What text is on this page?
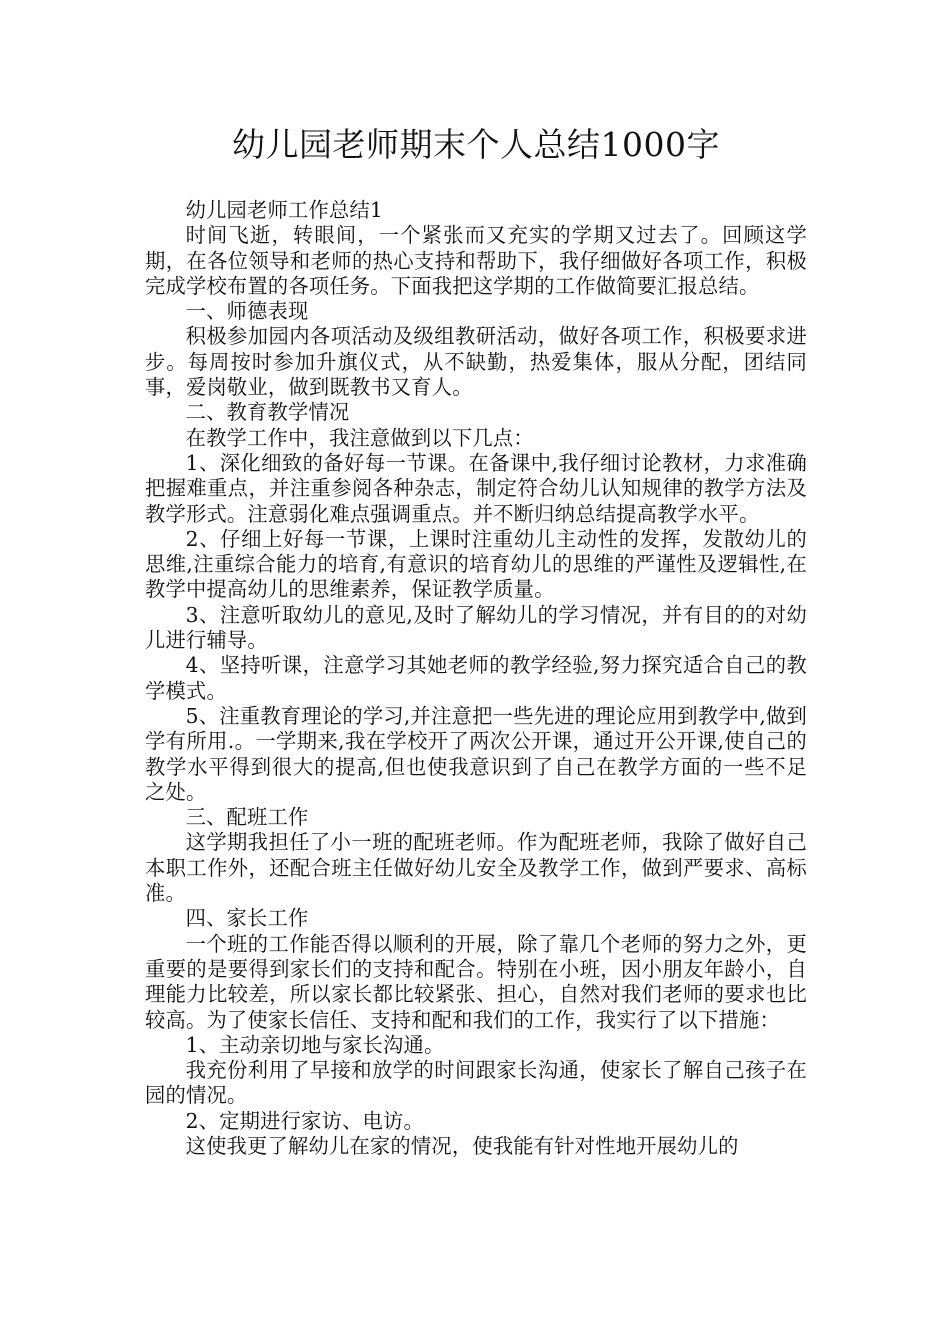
幼儿园老师期末个人总结1000字

幼儿园老师工作总结1

时间飞逝，转眼间，一个紧张而又充实的学期又过去了。回顾这学期，在各位领导和老师的热心支持和帮助下，我仔细做好各项工作，积极完成学校布置的各项任务。下面我把这学期的工作做简要汇报总结。

一、师德表现

积极参加园内各项活动及级组教研活动，做好各项工作，积极要求进步。每周按时参加升旗仪式，从不缺勤，热爱集体，服从分配，团结同事，爱岗敬业，做到既教书又育人。

二、教育教学情况

在教学工作中，我注意做到以下几点：

1、深化细致的备好每一节课。在备课中,我仔细讨论教材，力求准确把握难重点，并注重参阅各种杂志，制定符合幼儿认知规律的教学方法及教学形式。注意弱化难点强调重点。并不断归纳总结提高教学水平。

2、仔细上好每一节课，上课时注重幼儿主动性的发挥，发散幼儿的思维,注重综合能力的培育,有意识的培育幼儿的思维的严谨性及逻辑性,在教学中提高幼儿的思维素养，保证教学质量。

3、注意听取幼儿的意见,及时了解幼儿的学习情况，并有目的的对幼儿进行辅导。

4、坚持听课，注意学习其她老师的教学经验,努力探究适合自己的教学模式。

5、注重教育理论的学习,并注意把一些先进的理论应用到教学中,做到学有所用.。一学期来,我在学校开了两次公开课，通过开公开课,使自己的教学水平得到很大的提高,但也使我意识到了自己在教学方面的一些不足之处。

三、配班工作

这学期我担任了小一班的配班老师。作为配班老师，我除了做好自己本职工作外，还配合班主任做好幼儿安全及教学工作，做到严要求、高标准。

四、家长工作

一个班的工作能否得以顺利的开展，除了靠几个老师的努力之外，更重要的是要得到家长们的支持和配合。特别在小班，因小朋友年龄小，自理能力比较差，所以家长都比较紧张、担心，自然对我们老师的要求也比较高。为了使家长信任、支持和配和我们的工作，我实行了以下措施：

1、主动亲切地与家长沟通。

我充份利用了早接和放学的时间跟家长沟通，使家长了解自己孩子在园的情况。

2、定期进行家访、电访。

这使我更了解幼儿在家的情况，使我能有针对性地开展幼儿的
